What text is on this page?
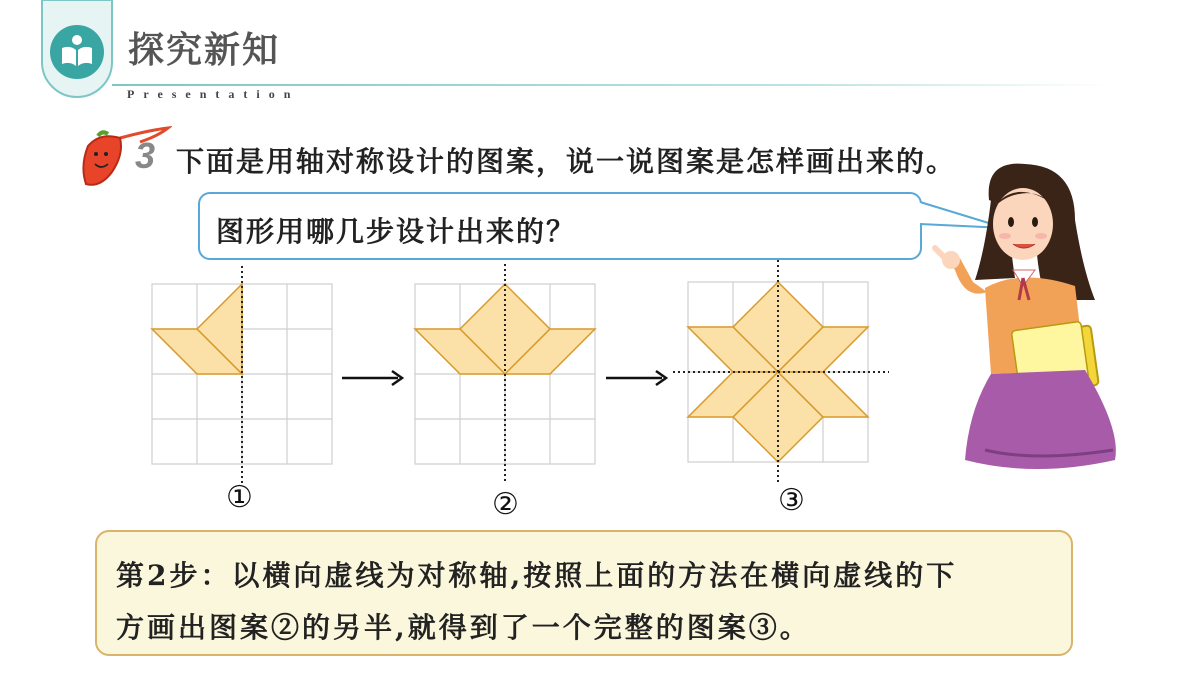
探究新知
Presentation
3 下面是用轴对称设计的图案，说一说图案是怎样画出来的。
图形用哪几步设计出来的？
①	②	③
第2步：以横向虚线为对称轴,按照上面的方法在横向虚线的下
方画出图案②的另半,就得到了一个完整的图案③。
